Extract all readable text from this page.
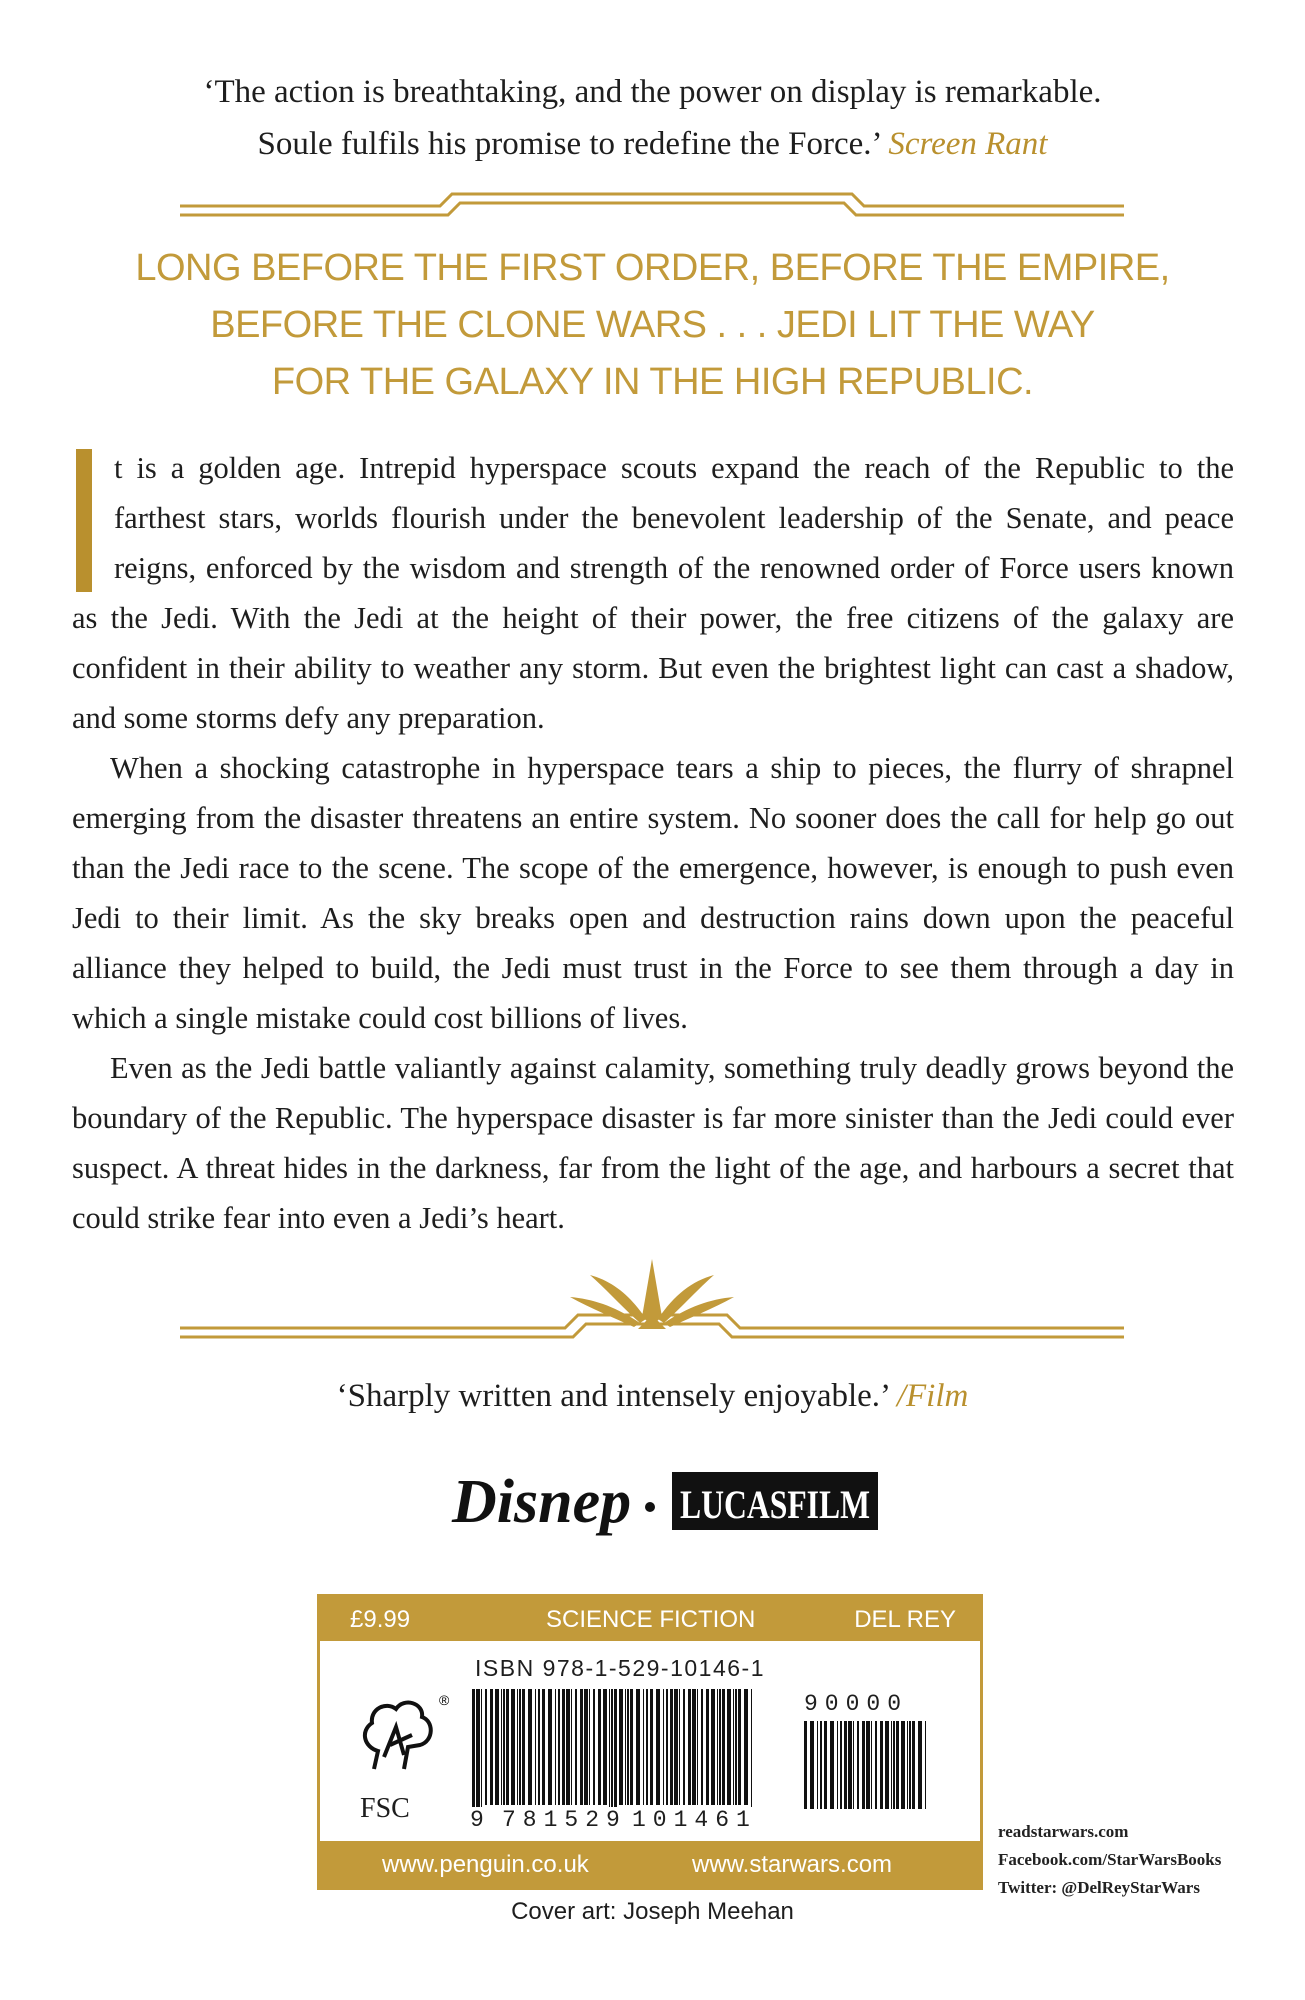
‘The action is breathtaking, and the power on display is remarkable.
Soule fulfils his promise to redefine the Force.’ Screen Rant
LONG BEFORE THE FIRST ORDER, BEFORE THE EMPIRE,
BEFORE THE CLONE WARS . . . JEDI LIT THE WAY
FOR THE GALAXY IN THE HIGH REPUBLIC.

t is a golden age. Intrepid hyperspace scouts expand the reach of the Republic to the farthest stars, worlds flourish under the benevolent leadership of the Senate, and peace reigns, enforced by the wisdom and strength of the renowned order of Force users known as the Jedi. With the Jedi at the height of their power, the free citizens of the galaxy are confident in their ability to weather any storm. But even the brightest light can cast a shadow, and some storms defy any preparation.

When a shocking catastrophe in hyperspace tears a ship to pieces, the flurry of shrapnel emerging from the disaster threatens an entire system. No sooner does the call for help go out than the Jedi race to the scene. The scope of the emergence, however, is enough to push even Jedi to their limit. As the sky breaks open and destruction rains down upon the peaceful alliance they helped to build, the Jedi must trust in the Force to see them through a day in which a single mistake could cost billions of lives.

Even as the Jedi battle valiantly against calamity, something truly deadly grows beyond the boundary of the Republic. The hyperspace disaster is far more sinister than the Jedi could ever suspect. A threat hides in the darkness, far from the light of the age, and harbours a secret that could strike fear into even a Jedi’s heart.

‘Sharply written and intensely enjoyable.’ /Film
Disnep LUCASFILM
£9.99	SCIENCE FICTION	DEL REY
ISBN 978-1-529-10146-1
®
FSC	9 781529 101461
90000
www.penguin.co.uk	www.starwars.com
readstarwars.com
Facebook.com/StarWarsBooks
Twitter: @DelReyStarWars
Cover art: Joseph Meehan
